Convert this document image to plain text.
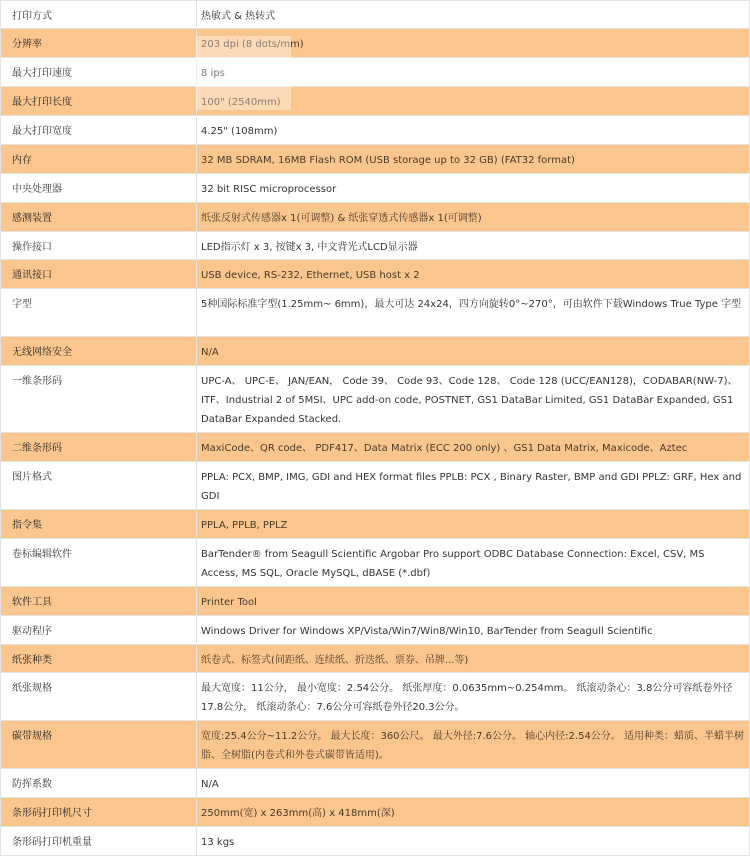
打印方式	热敏式 & 热转式
分辨率	203 dpi (8 dots/mm)
最大打印速度	8 ips
最大打印长度	100" (2540mm)
最大打印宽度	4.25" (108mm)
内存	32 MB SDRAM, 16MB Flash ROM (USB storage up to 32 GB) (FAT32 format)
中央处理器	32 bit RISC microprocessor
感测装置	纸张反射式传感器x 1(可调整) & 纸张穿透式传感器x 1(可调整)
操作接口	LED指示灯 x 3, 按键x 3, 中文背光式LCD显示器
通讯接口	USB device, RS-232, Ethernet, USB host x 2
字型	5种国际标准字型(1.25mm~ 6mm)，最大可达 24x24，四方向旋转0°~270°，可由软件下载Windows True Type 字型
无线网络安全	N/A
一维条形码	UPC-A、 UPC-E、 JAN/EAN， Code 39、 Code 93、Code 128、 Code 128 (UCC/EAN128)，CODABAR(NW-7)、ITF、Industrial 2 of 5MSI、UPC add-on code, POSTNET, GS1 DataBar Limited, GS1 DataBar Expanded, GS1 DataBar Expanded Stacked.
二维条形码	MaxiCode、QR code、 PDF417、Data Matrix (ECC 200 only) 、GS1 Data Matrix, Maxicode、Aztec
图片格式	PPLA: PCX, BMP, IMG, GDI and HEX format files PPLB: PCX , Binary Raster, BMP and GDI PPLZ: GRF, Hex and GDI
指令集	PPLA, PPLB, PPLZ
卷标编辑软件	BarTender® from Seagull Scientific Argobar Pro support ODBC Database Connection: Excel, CSV, MS Access, MS SQL, Oracle MySQL, dBASE (*.dbf)
软件工具	Printer Tool
驱动程序	Windows Driver for Windows XP/Vista/Win7/Win8/Win10, BarTender from Seagull Scientific
纸张种类	纸卷式、标签式(间距纸、连续纸、折迭纸、票券、吊牌...等)
纸张规格	最大宽度：11公分， 最小宽度：2.54公分。 纸张厚度：0.0635mm~0.254mm。 纸滚动条心：3.8公分可容纸卷外径17.8公分， 纸滚动条心：7.6公分可容纸卷外径20.3公分。
碳带规格	宽度:25.4公分~11.2公分。 最大长度：360公尺。 最大外径:7.6公分。 轴心内径:2.54公分。 适用种类：蜡质、半蜡半树脂、全树脂(内卷式和外卷式碳带皆适用)。
防挥系数	N/A
条形码打印机尺寸	250mm(宽) x 263mm(高) x 418mm(深)
条形码打印机重量	13 kgs
